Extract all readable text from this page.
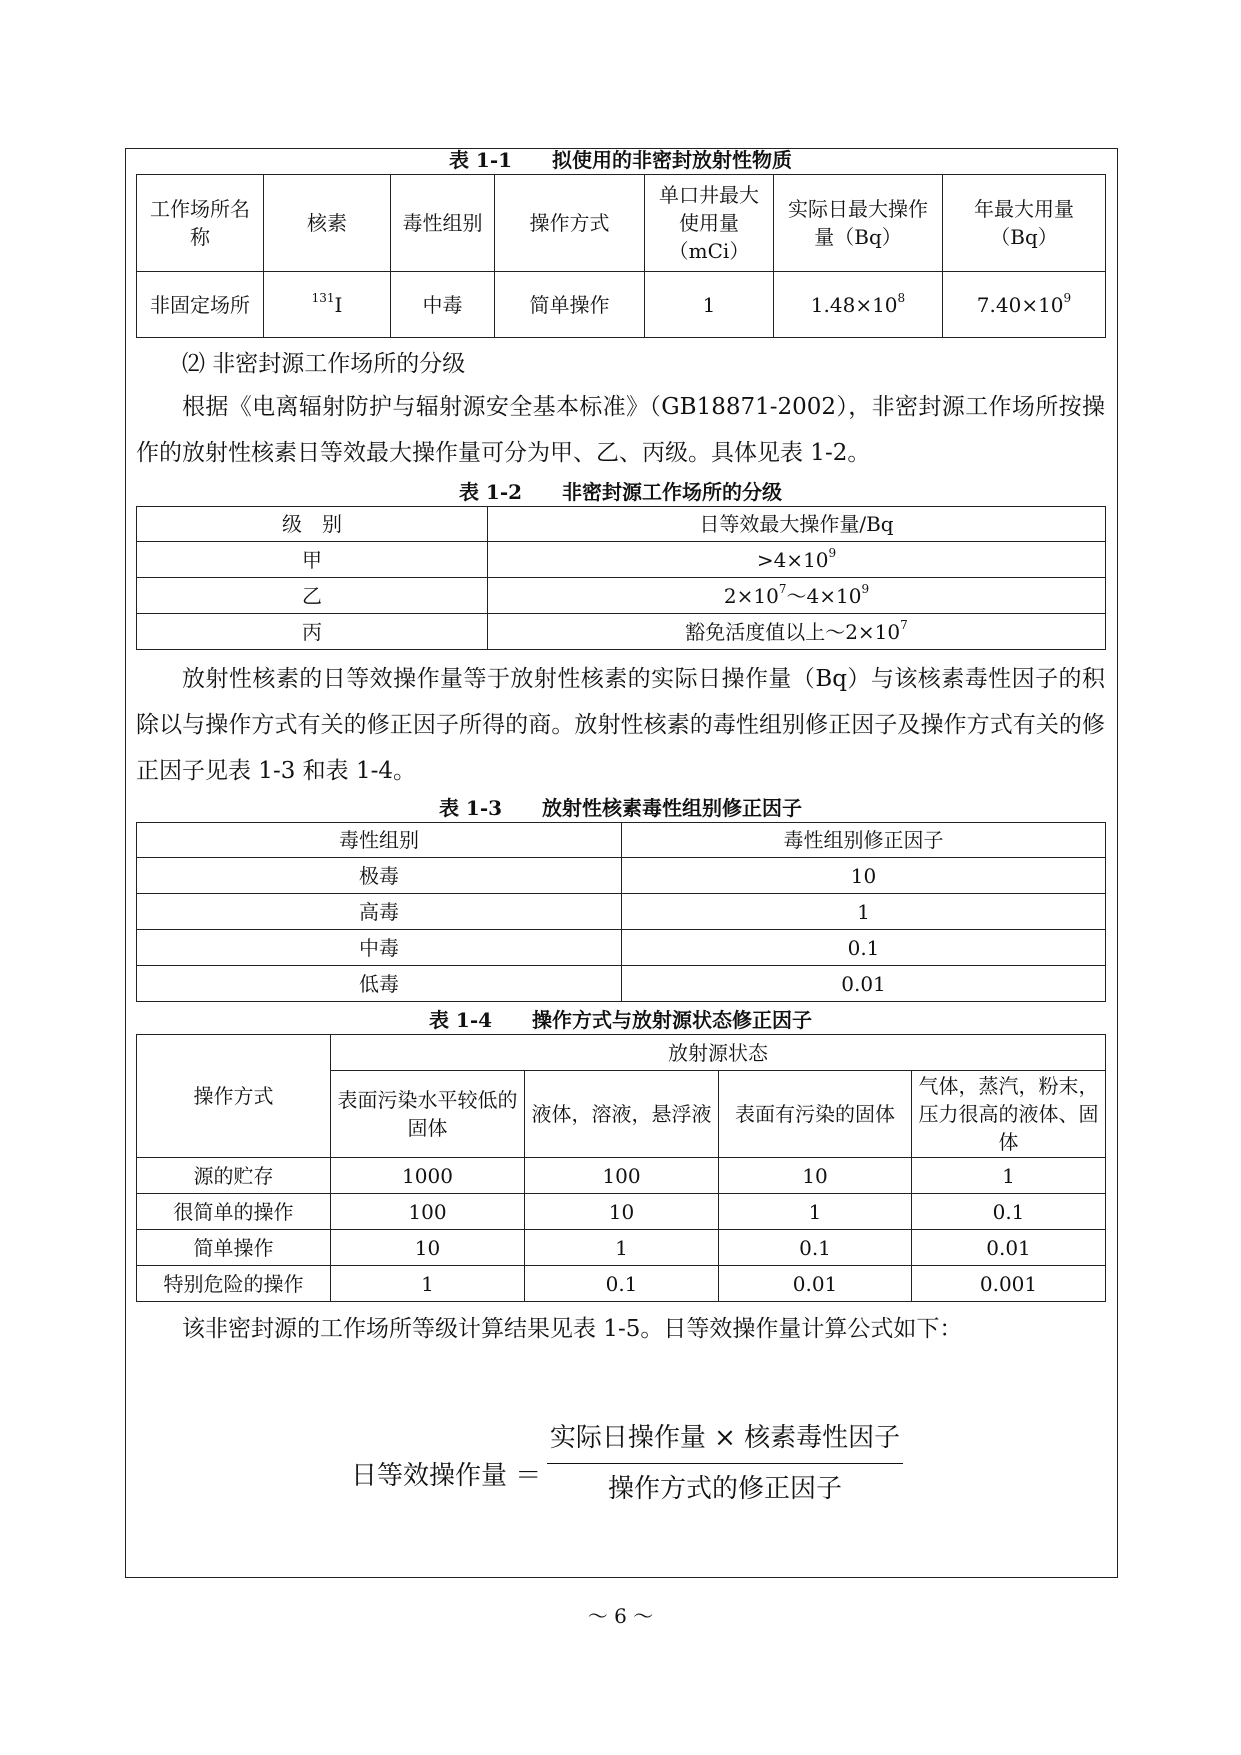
表 1-1　　拟使用的非密封放射性物质
工作场所名称	核素	毒性组别	操作方式	单口井最大使用量（mCi）	实际日最大操作量（Bq）	年最大用量（Bq）
非固定场所	$^{131}$I	中毒	简单操作	1	$1.48\times 10^8$	$7.40\times 10^9$

⑵ 非密封源工作场所的分级

根据《电离辐射防护与辐射源安全基本标准》（GB18871-2002），非密封源工作场所按操作的放射性核素日等效最大操作量可分为甲、乙、丙级。具体见表 1-2。

表 1-2　　非密封源工作场所的分级
级　别	日等效最大操作量/Bq
甲	$>4\times 10^9$
乙	$2\times 10^7\sim 4\times 10^9$
丙	豁免活度值以上$\sim 2\times 10^7$

放射性核素的日等效操作量等于放射性核素的实际日操作量（Bq）与该核素毒性因子的积除以与操作方式有关的修正因子所得的商。放射性核素的毒性组别修正因子及操作方式有关的修正因子见表 1-3 和表 1-4。

表 1-3　　放射性核素毒性组别修正因子
毒性组别	毒性组别修正因子
极毒	10
高毒	1
中毒	0.1
低毒	0.01
表 1-4　　操作方式与放射源状态修正因子
操作方式	放射源状态			
	表面污染水平较低的固体	液体，溶液，悬浮液	表面有污染的固体	气体，蒸汽，粉末，压力很高的液体、固体
源的贮存	1000	100	10	1
很简单的操作	100	10	1	0.1
简单操作	10	1	0.1	0.01
特别危险的操作	1	0.1	0.01	0.001

该非密封源的工作场所等级计算结果见表 1-5。日等效操作量计算公式如下：

日等效操作量 ＝
实际日操作量 × 核素毒性因子
操作方式的修正因子
～ 6 ～
